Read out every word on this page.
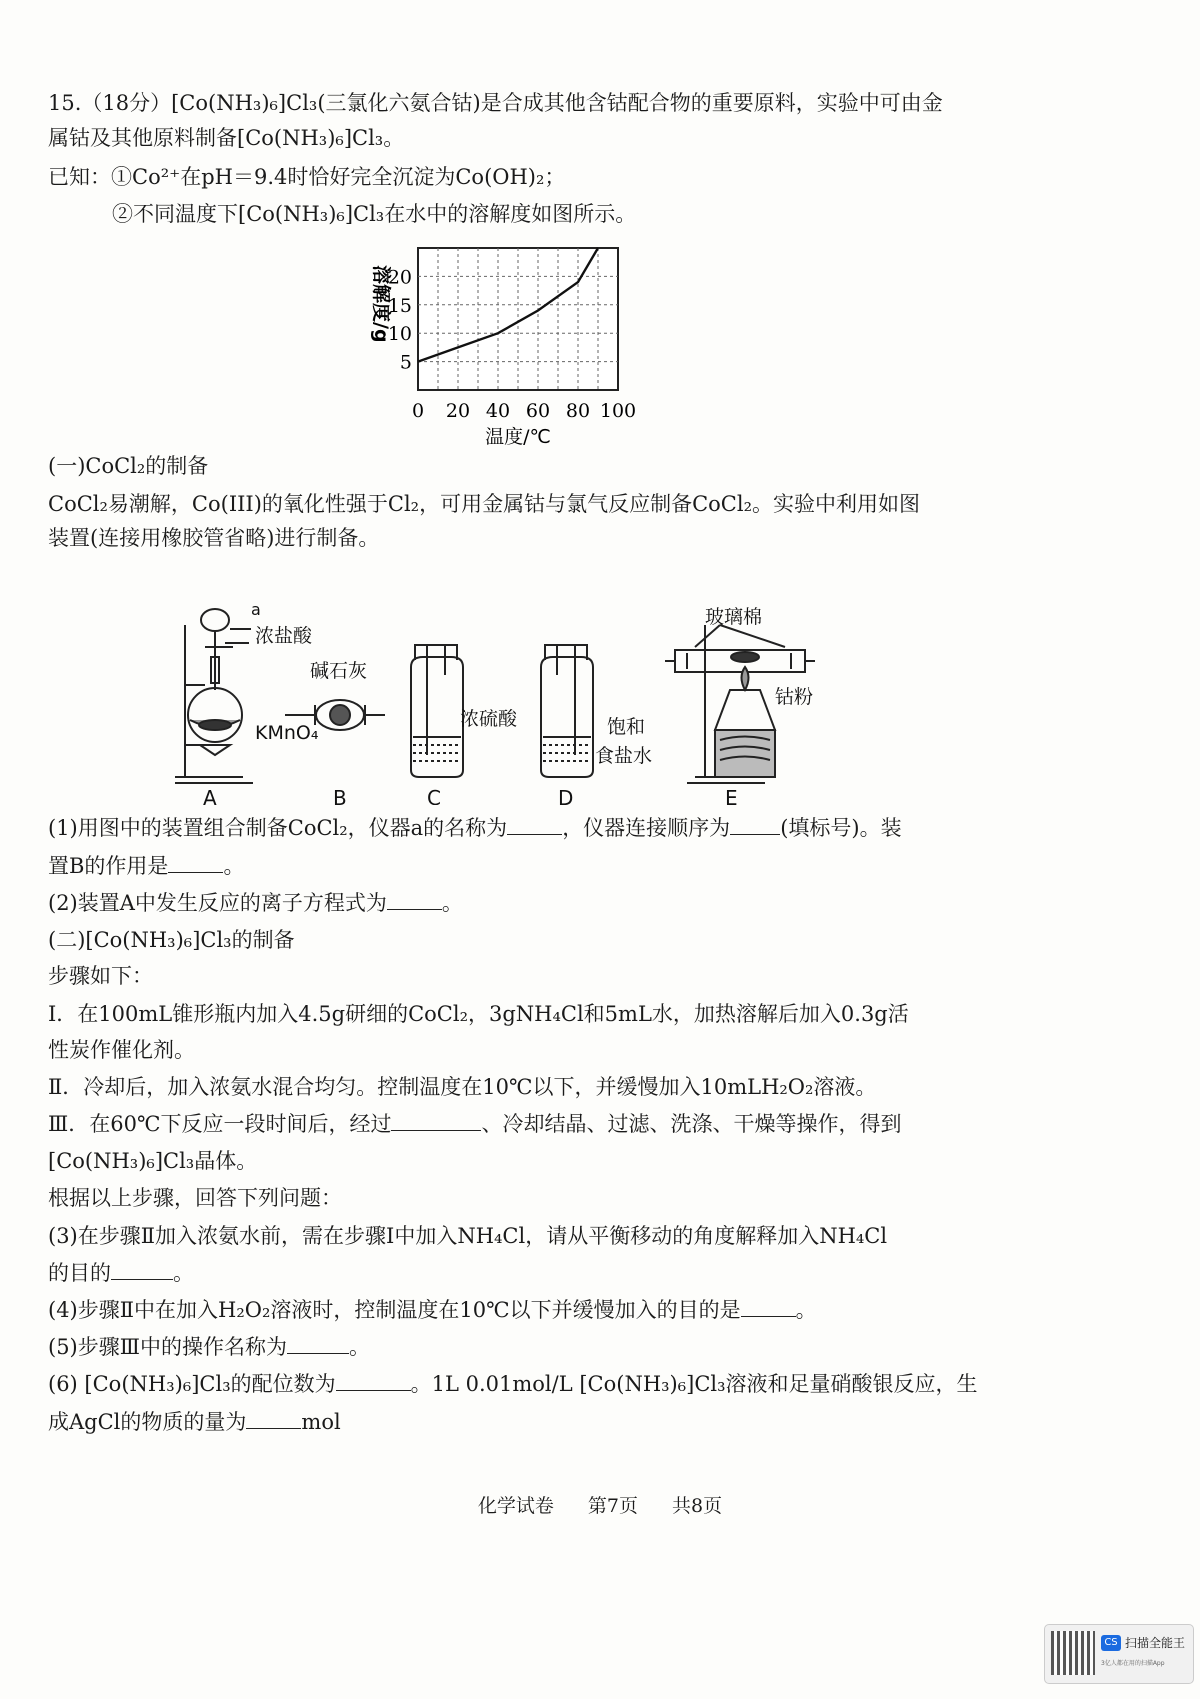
15.（18分）[Co(NH₃)₆]Cl₃(三氯化六氨合钴)是合成其他含钴配合物的重要原料，实验中可由金
属钴及其他原料制备[Co(NH₃)₆]Cl₃。
已知：①Co²⁺在pH＝9.4时恰好完全沉淀为Co(OH)₂；
②不同温度下[Co(NH₃)₆]Cl₃在水中的溶解度如图所示。
5
10
15
20
0 20 40 60 80 100
溶解度/g
温度/℃
(一)CoCl₂的制备
CoCl₂易潮解，Co(III)的氧化性强于Cl₂，可用金属钴与氯气反应制备CoCl₂。实验中利用如图
装置(连接用橡胶管省略)进行制备。
a
浓盐酸
KMnO₄
A
碱石灰
B
浓硫酸
C
饱和
食盐水
D
玻璃棉
钴粉
E
(1)用图中的装置组合制备CoCl₂，仪器a的名称为	，仪器连接顺序为 (填标号)。装
置B的作用是	。
(2)装置A中发生反应的离子方程式为	。
(二)[Co(NH₃)₆]Cl₃的制备
步骤如下：
Ⅰ．在100mL锥形瓶内加入4.5g研细的CoCl₂，3gNH₄Cl和5mL水，加热溶解后加入0.3g活
性炭作催化剂。
Ⅱ．冷却后，加入浓氨水混合均匀。控制温度在10℃以下，并缓慢加入10mLH₂O₂溶液。
Ⅲ．在60℃下反应一段时间后，经过	、冷却结晶、过滤、洗涤、干燥等操作，得到
[Co(NH₃)₆]Cl₃晶体。
根据以上步骤，回答下列问题：
(3)在步骤Ⅱ加入浓氨水前，需在步骤Ⅰ中加入NH₄Cl，请从平衡移动的角度解释加入NH₄Cl
的目的	。
(4)步骤Ⅱ中在加入H₂O₂溶液时，控制温度在10℃以下并缓慢加入的目的是	。
(5)步骤Ⅲ中的操作名称为	。
(6) [Co(NH₃)₆]Cl₃的配位数为	。1L 0.01mol/L [Co(NH₃)₆]Cl₃溶液和足量硝酸银反应，生
成AgCl的物质的量为	mol
化学试卷 第7页 共8页
CS 扫描全能王
3亿人都在用的扫描App
